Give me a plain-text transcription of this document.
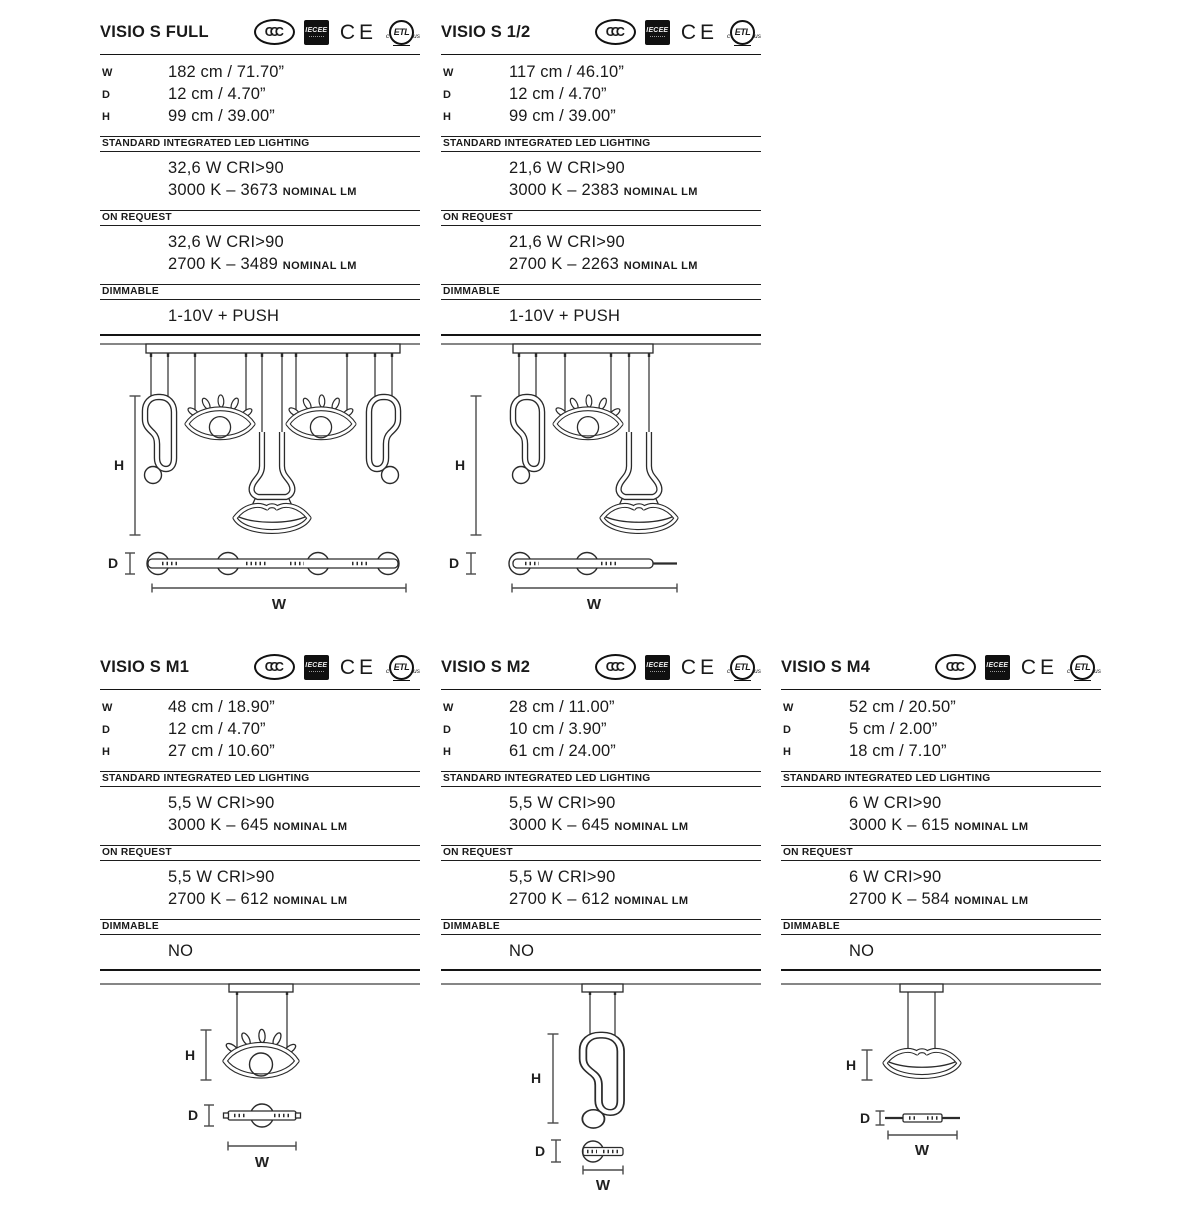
VISIO S FULL	CCC	IECEE CE c ETL us
W	182 cm / 71.70”
D	12 cm / 4.70”
H	99 cm / 39.00”
STANDARD INTEGRATED LED LIGHTING
32,6 W CRI>90
3000 K – 3673 NOMINAL LM
ON REQUEST
32,6 W CRI>90
2700 K – 3489 NOMINAL LM
DIMMABLE
1-10V + PUSH
H
D
W
VISIO S 1/2	CCC	IECEE CE c ETL us
W	117 cm / 46.10”
D	12 cm / 4.70”
H	99 cm / 39.00”
STANDARD INTEGRATED LED LIGHTING
21,6 W CRI>90
3000 K – 2383 NOMINAL LM
ON REQUEST
21,6 W CRI>90
2700 K – 2263 NOMINAL LM
DIMMABLE
1-10V + PUSH
H
D
W
VISIO S M1	CCC	IECEE CE c ETL us
W	48 cm / 18.90”
D	12 cm / 4.70”
H	27 cm / 10.60”
STANDARD INTEGRATED LED LIGHTING
5,5 W CRI>90
3000 K – 645 NOMINAL LM
ON REQUEST
5,5 W CRI>90
2700 K – 612 NOMINAL LM
DIMMABLE
NO
H
D
W
VISIO S M2	CCC	IECEE CE c ETL us
W	28 cm / 11.00”
D	10 cm / 3.90”
H	61 cm / 24.00”
STANDARD INTEGRATED LED LIGHTING
5,5 W CRI>90
3000 K – 645 NOMINAL LM
ON REQUEST
5,5 W CRI>90
2700 K – 612 NOMINAL LM
DIMMABLE
NO
H
D
W
VISIO S M4	CCC	IECEE CE c ETL us
W	52 cm / 20.50”
D	5 cm / 2.00”
H	18 cm / 7.10”
STANDARD INTEGRATED LED LIGHTING
6 W CRI>90
3000 K – 615 NOMINAL LM
ON REQUEST
6 W CRI>90
2700 K – 584 NOMINAL LM
DIMMABLE
NO
H
D
W
